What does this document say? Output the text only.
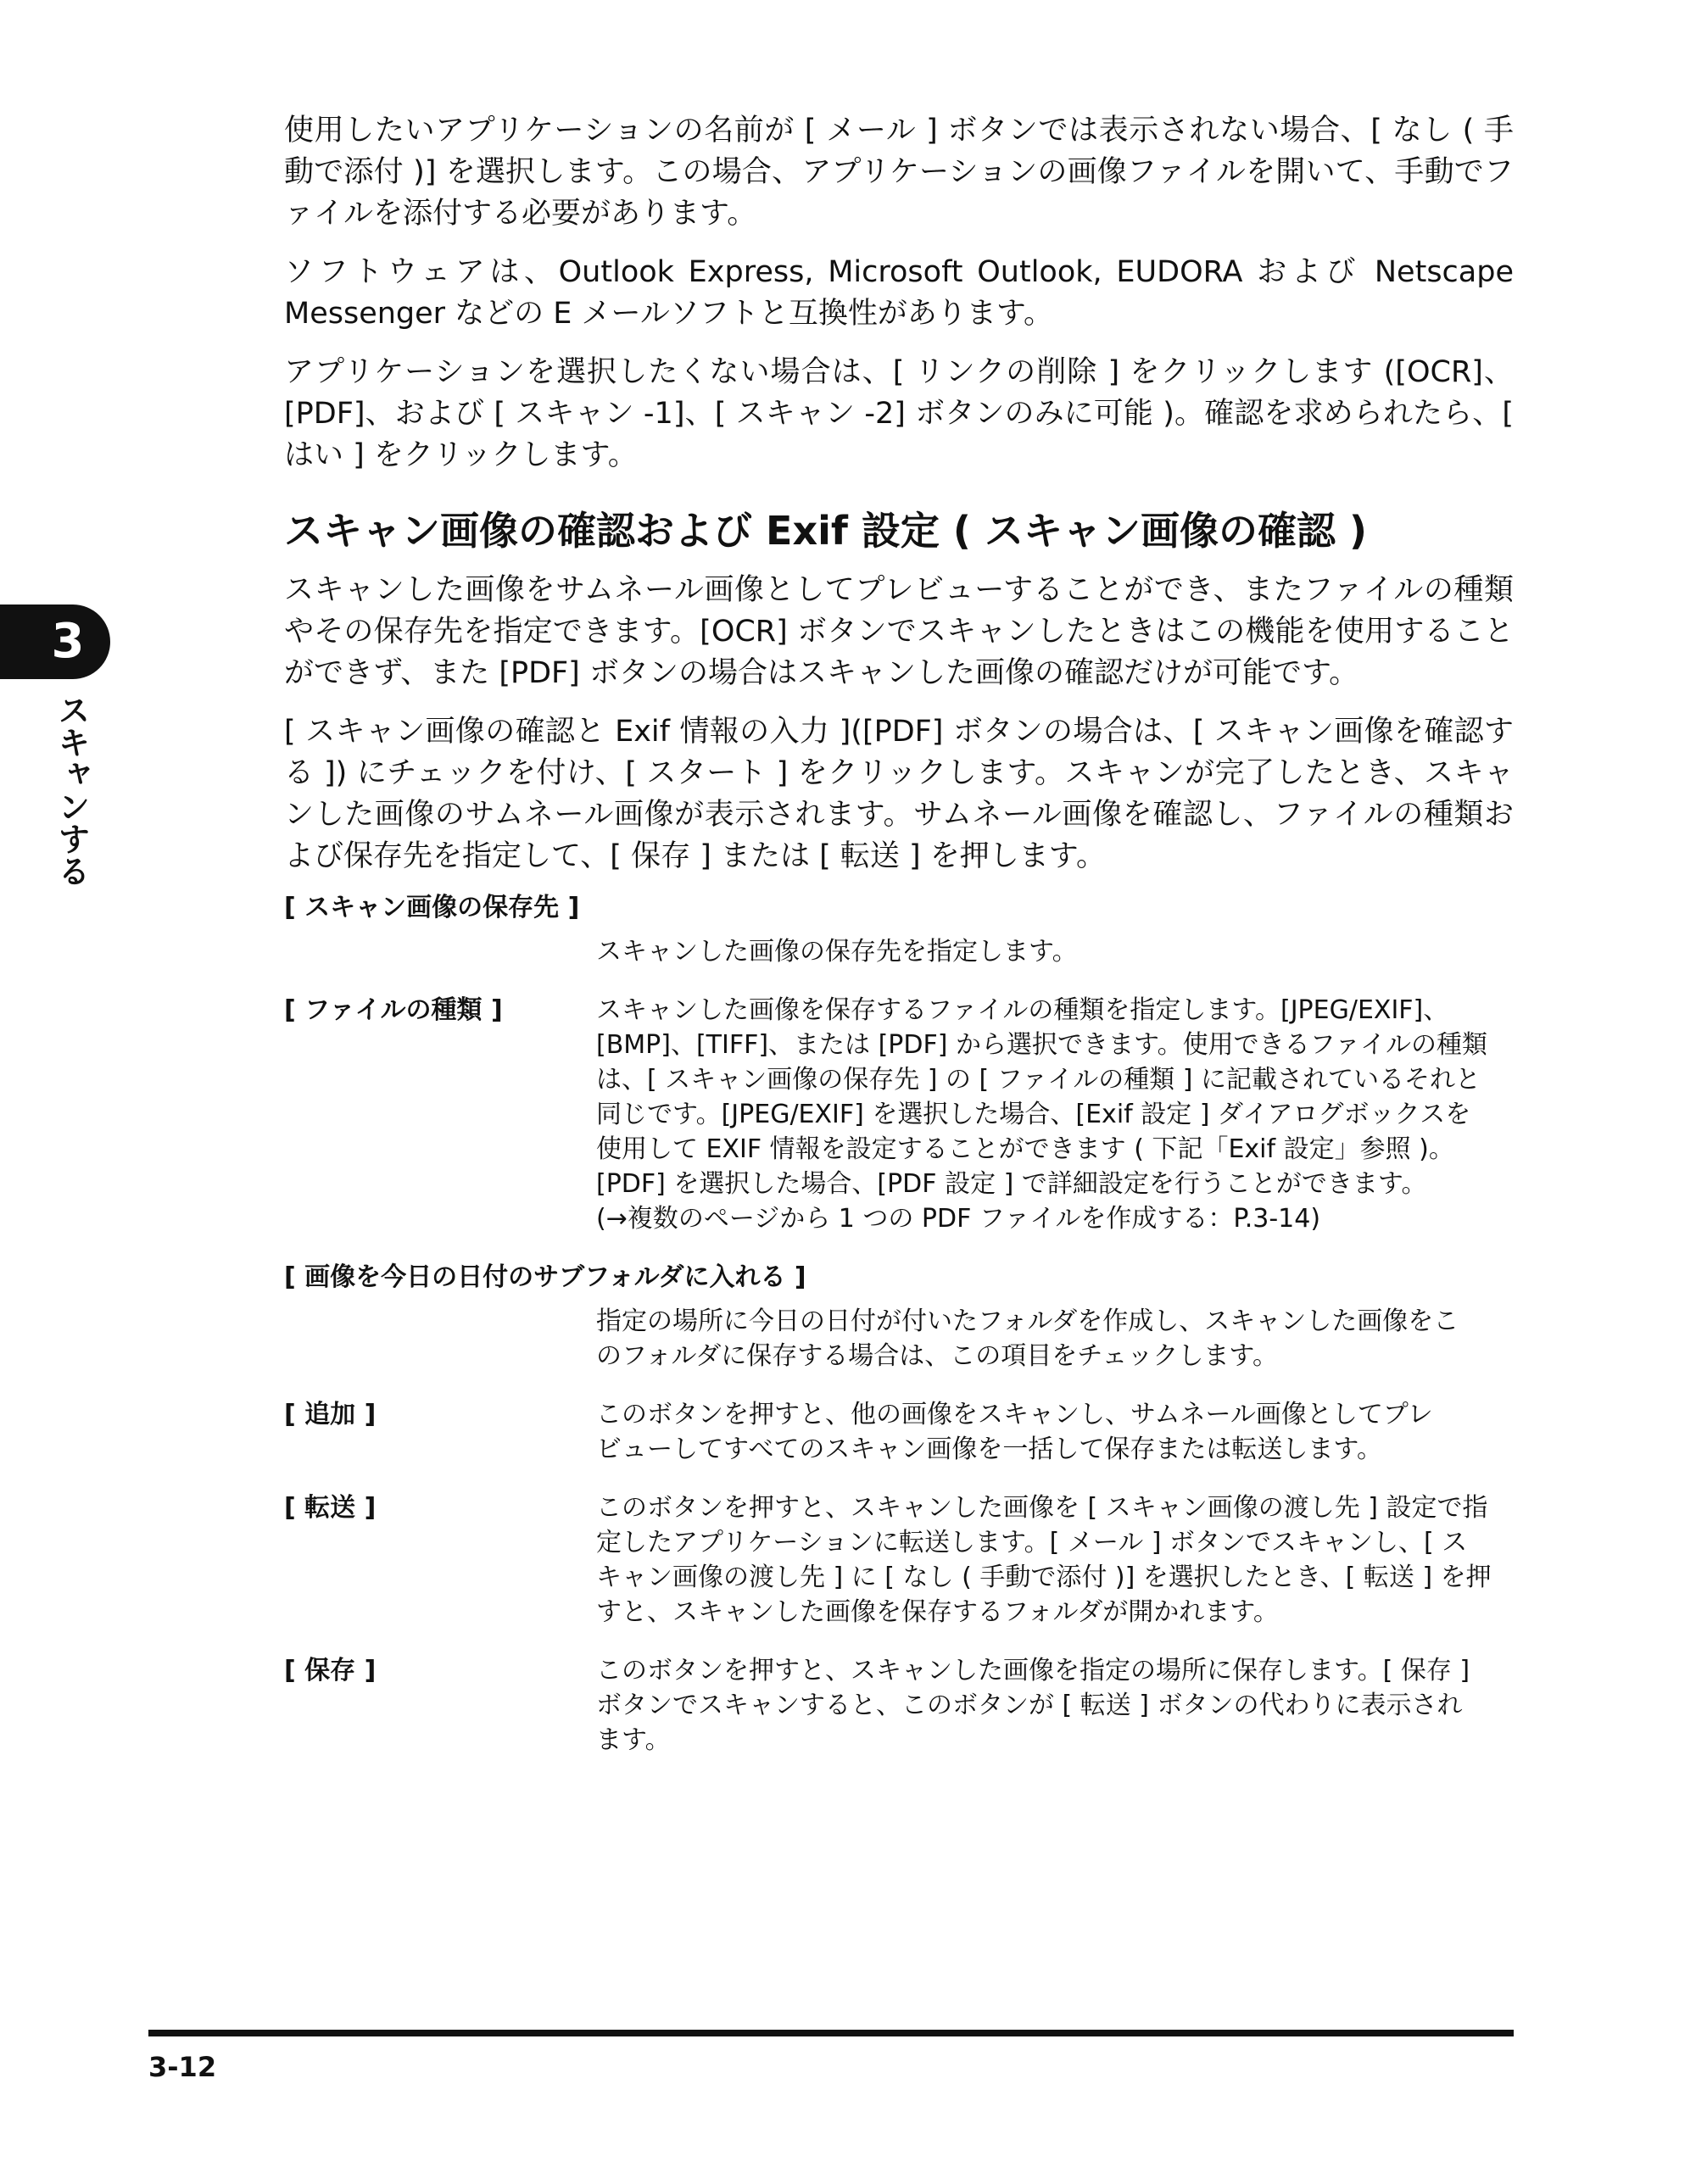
使用したいアプリケーションの名前が [ メール ] ボタンでは表示されない場合、[ なし ( 手動で添付 )] を選択します。この場合、アプリケーションの画像ファイルを開いて、手動でファイルを添付する必要があります。

ソフトウェアは、Outlook Express, Microsoft Outlook, EUDORA および Netscape Messenger などの E メールソフトと互換性があります。

アプリケーションを選択したくない場合は、[ リンクの削除 ] をクリックします ([OCR]、[PDF]、および [ スキャン -1]、[ スキャン -2] ボタンのみに可能 )。確認を求められたら、[ はい ] をクリックします。

スキャン画像の確認および Exif 設定 ( スキャン画像の確認 )

スキャンした画像をサムネール画像としてプレビューすることができ、またファイルの種類やその保存先を指定できます。[OCR] ボタンでスキャンしたときはこの機能を使用することができず、また [PDF] ボタンの場合はスキャンした画像の確認だけが可能です。

[ スキャン画像の確認と Exif 情報の入力 ]([PDF] ボタンの場合は、[ スキャン画像を確認する ]) にチェックを付け、[ スタート ] をクリックします。スキャンが完了したとき、スキャンした画像のサムネール画像が表示されます。サムネール画像を確認し、ファイルの種類および保存先を指定して、[ 保存 ] または [ 転送 ] を押します。

[ スキャン画像の保存先 ]
スキャンした画像の保存先を指定します。
[ ファイルの種類 ]	スキャンした画像を保存するファイルの種類を指定します。[JPEG/EXIF]、
[BMP]、[TIFF]、または [PDF] から選択できます。使用できるファイルの種類
は、[ スキャン画像の保存先 ] の [ ファイルの種類 ] に記載されているそれと
同じです。[JPEG/EXIF] を選択した場合、[Exif 設定 ] ダイアログボックスを
使用して EXIF 情報を設定することができます ( 下記「Exif 設定」参照 )。
[PDF] を選択した場合、[PDF 設定 ] で詳細設定を行うことができます。
(→複数のページから 1 つの PDF ファイルを作成する：P.3-14)
[ 画像を今日の日付のサブフォルダに入れる ]
指定の場所に今日の日付が付いたフォルダを作成し、スキャンした画像をこ
のフォルダに保存する場合は、この項目をチェックします。
[ 追加 ]	このボタンを押すと、他の画像をスキャンし、サムネール画像としてプレ
ビューしてすべてのスキャン画像を一括して保存または転送します。
[ 転送 ]	このボタンを押すと、スキャンした画像を [ スキャン画像の渡し先 ] 設定で指
定したアプリケーションに転送します。[ メール ] ボタンでスキャンし、[ ス
キャン画像の渡し先 ] に [ なし ( 手動で添付 )] を選択したとき、[ 転送 ] を押
すと、スキャンした画像を保存するフォルダが開かれます。
[ 保存 ]	このボタンを押すと、スキャンした画像を指定の場所に保存します。[ 保存 ]
ボタンでスキャンすると、このボタンが [ 転送 ] ボタンの代わりに表示され
ます。
3
スキャンする
3-12
